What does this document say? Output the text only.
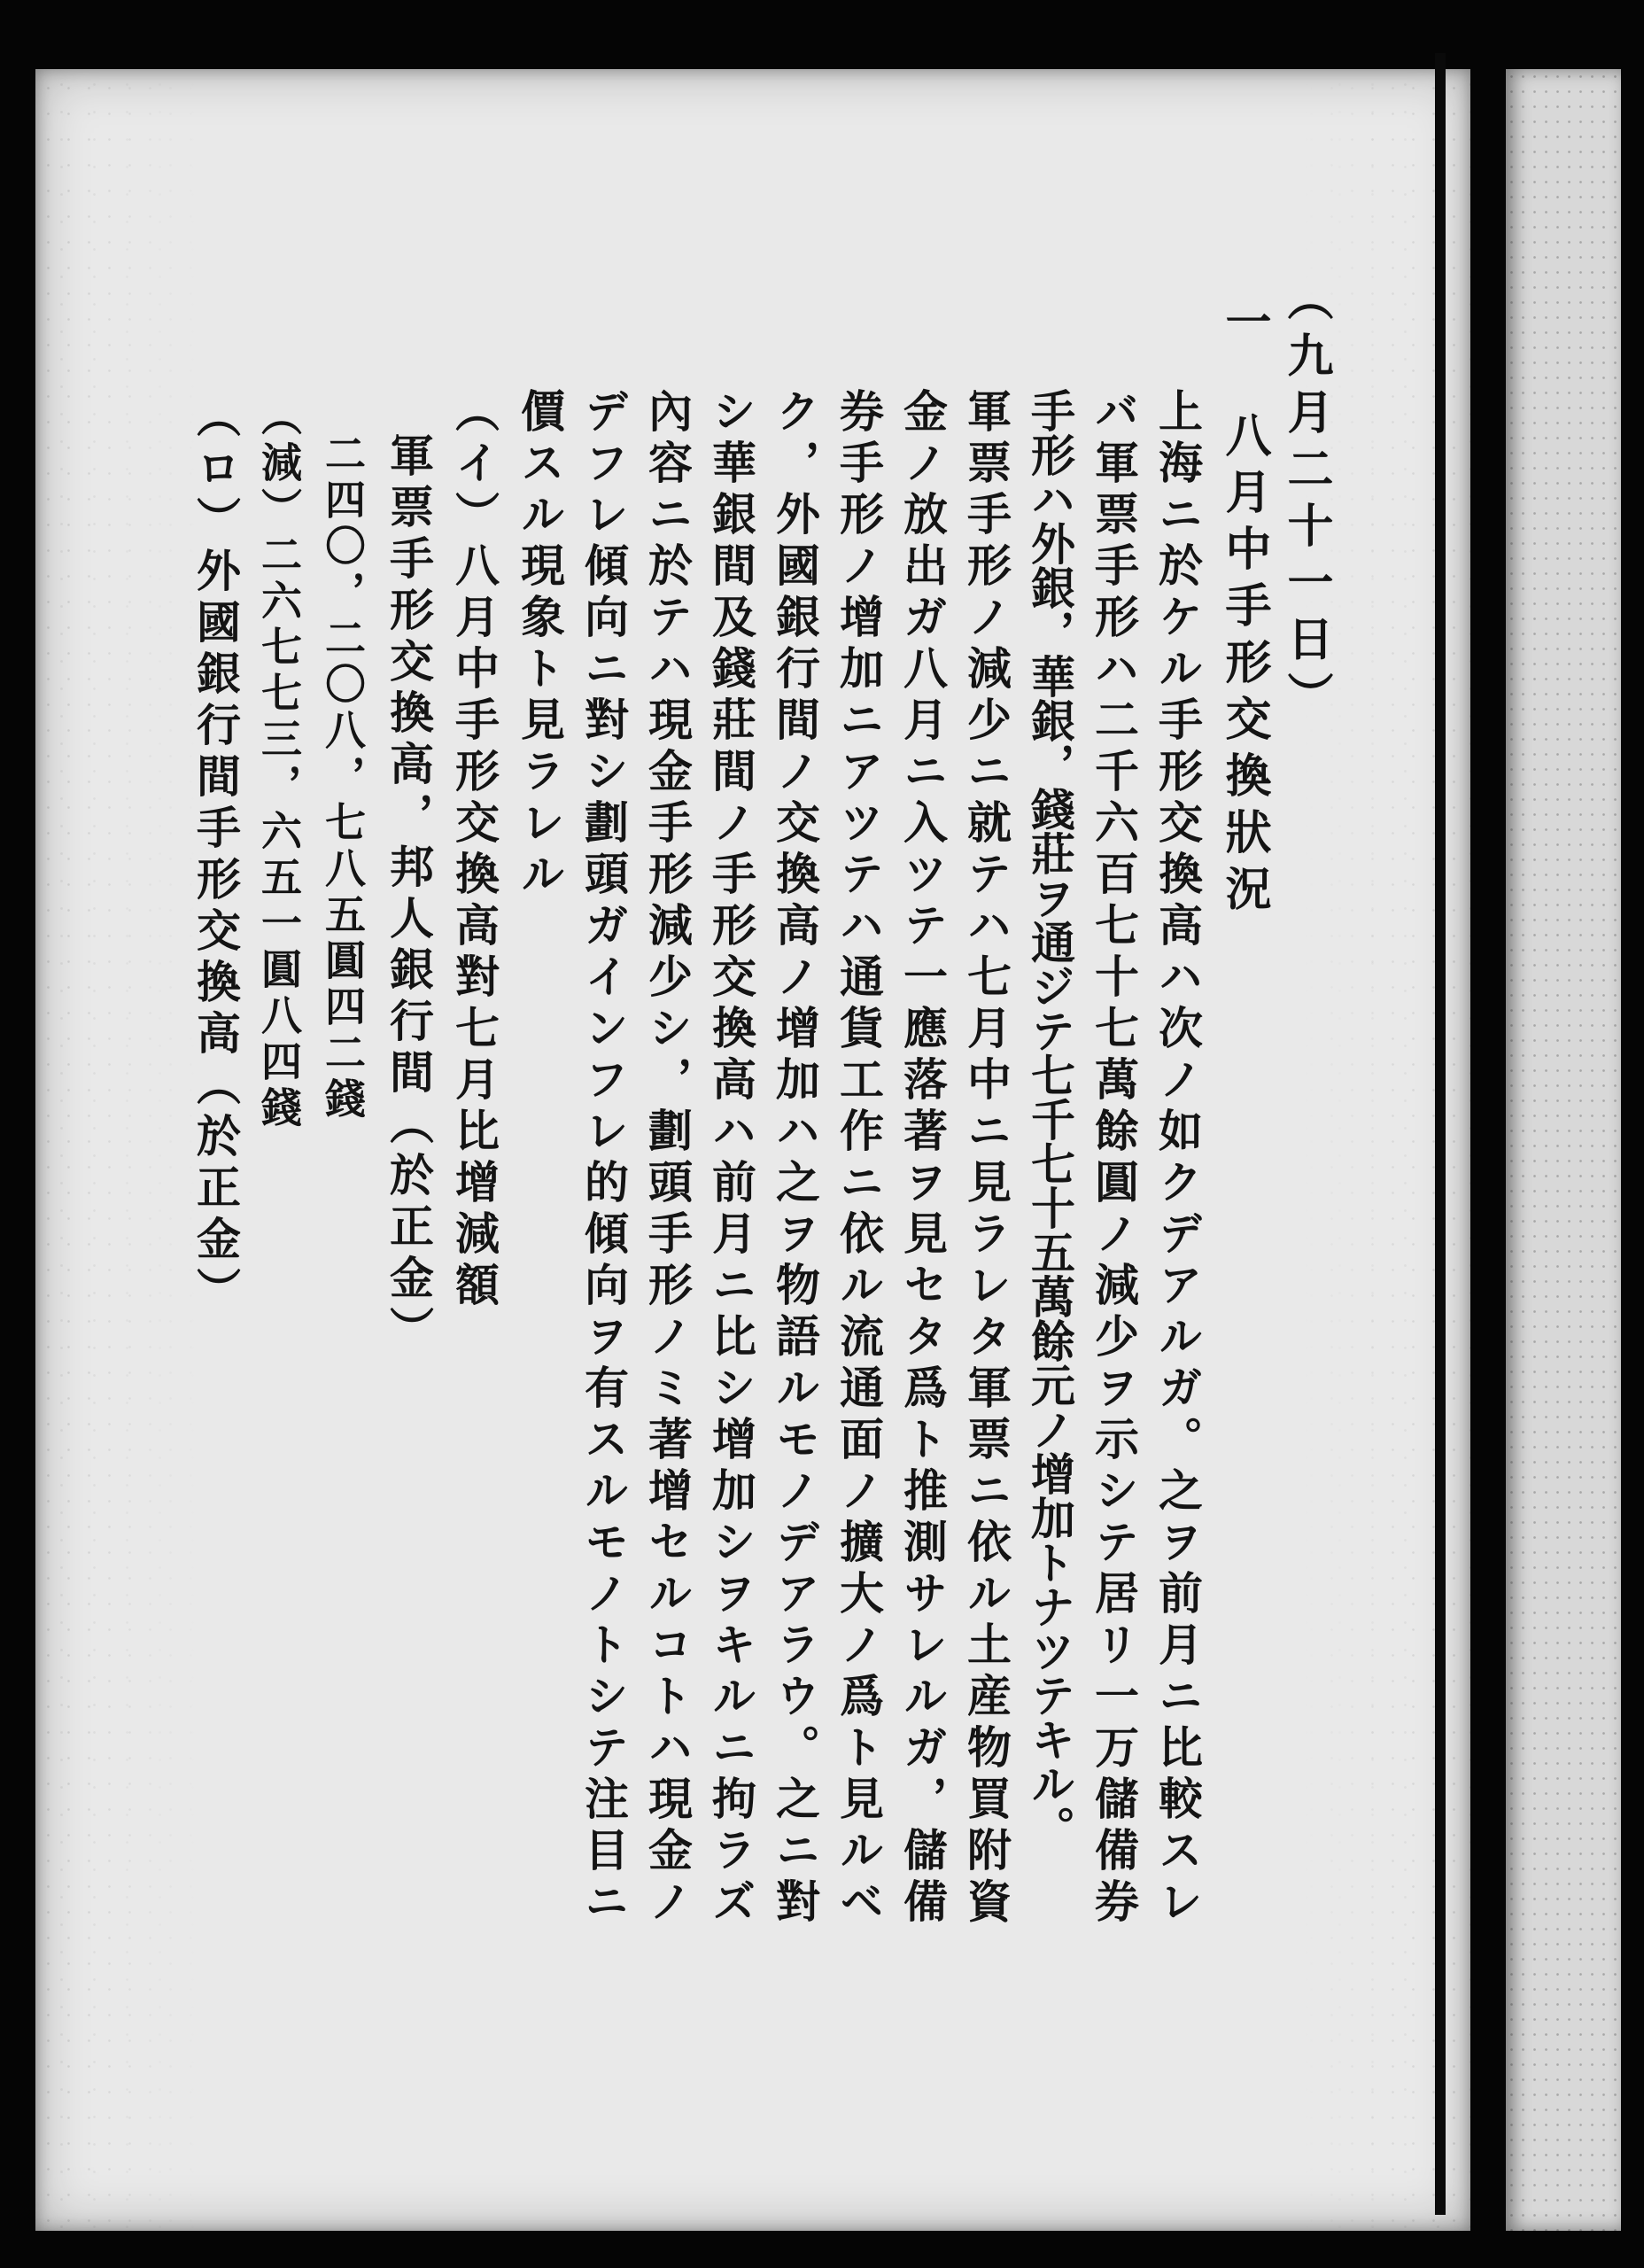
（九月二十一日）
一　八月中手形交換狀況
上海ニ於ケル手形交換高ハ次ノ如クデアルガ。之ヲ前月ニ比較スレ
バ軍票手形ハ二千六百七十七萬餘圓ノ減少ヲ示シテ居リ一万儲備券
手形ハ外銀，華銀，錢莊ヲ通ジテ七千七十五萬餘元ノ增加トナツテキル。
軍票手形ノ減少ニ就テハ七月中ニ見ラレタ軍票ニ依ル土産物買附資
金ノ放出ガ八月ニ入ツテ一應落著ヲ見セタ爲ト推測サレルガ，儲備
券手形ノ增加ニアツテハ通貨工作ニ依ル流通面ノ擴大ノ爲ト見ルベ
ク，外國銀行間ノ交換高ノ增加ハ之ヲ物語ルモノデアラウ。之ニ對
シ華銀間及錢莊間ノ手形交換高ハ前月ニ比シ增加シヲキルニ拘ラズ
內容ニ於テハ現金手形減少シ，劃頭手形ノミ著增セルコトハ現金ノ
デフレ傾向ニ對シ劃頭ガインフレ的傾向ヲ有スルモノトシテ注目ニ
價スル現象ト見ラレル
（イ）八月中手形交換高對七月比增減額
軍票手形交換高，邦人銀行間（於正金）
二四〇，二〇八，七八五圓四二錢
（減）二六七七三，六五一圓八四錢
（ロ）外國銀行間手形交換高（於正金）
